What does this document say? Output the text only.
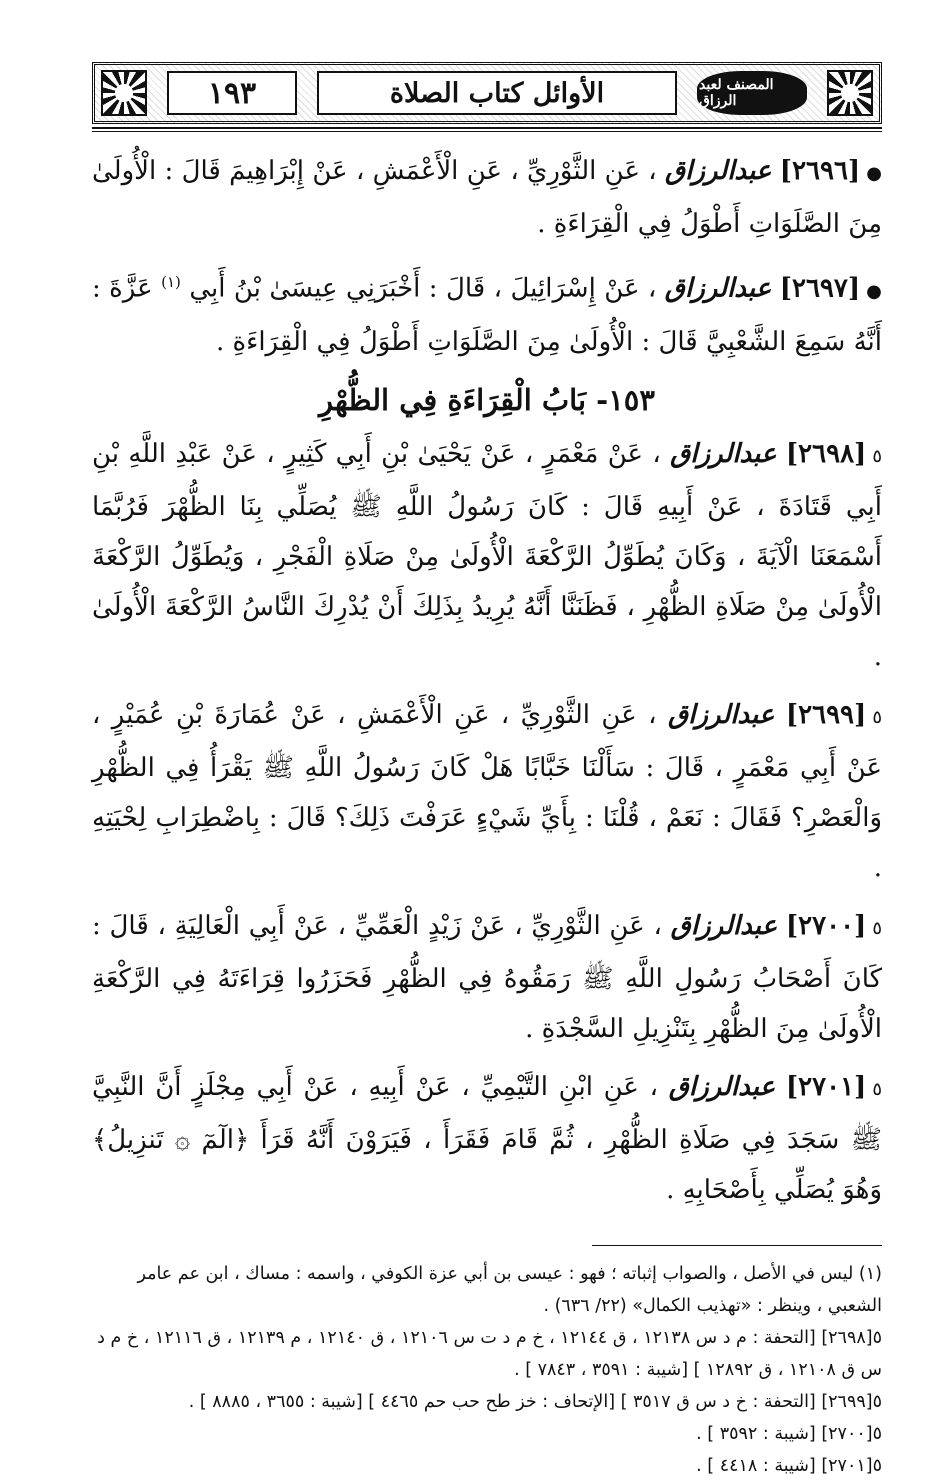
١٩٣	الأوائل كتاب الصلاة	المصنف لعبد الرزاق

●[٢٦٩٦] عبدالرزاق ، عَنِ الثَّوْرِيِّ ، عَنِ الْأَعْمَشِ ، عَنْ إِبْرَاهِيمَ قَالَ : الْأُولَىٰ مِنَ الصَّلَوَاتِ أَطْوَلُ فِي الْقِرَاءَةِ .

●[٢٦٩٧] عبدالرزاق ، عَنْ إِسْرَائِيلَ ، قَالَ : أَخْبَرَنِي عِيسَىٰ بْنُ أَبِي $^{(١)}$ عَزَّةَ : أَنَّهُ سَمِعَ الشَّعْبِيَّ قَالَ : الْأُولَىٰ مِنَ الصَّلَوَاتِ أَطْوَلُ فِي الْقِرَاءَةِ .

١٥٣- بَابُ الْقِرَاءَةِ فِي الظُّهْرِ

٥[٢٦٩٨] عبدالرزاق ، عَنْ مَعْمَرٍ ، عَنْ يَحْيَىٰ بْنِ أَبِي كَثِيرٍ ، عَنْ عَبْدِ اللَّهِ بْنِ أَبِي قَتَادَةَ ، عَنْ أَبِيهِ قَالَ : كَانَ رَسُولُ اللَّهِ ﷺ يُصَلِّي بِنَا الظُّهْرَ فَرُبَّمَا أَسْمَعَنَا الْآيَةَ ، وَكَانَ يُطَوِّلُ الرَّكْعَةَ الْأُولَىٰ مِنْ صَلَاةِ الْفَجْرِ ، وَيُطَوِّلُ الرَّكْعَةَ الْأُولَىٰ مِنْ صَلَاةِ الظُّهْرِ ، فَظَنَنَّا أَنَّهُ يُرِيدُ بِذَلِكَ أَنْ يُدْرِكَ النَّاسُ الرَّكْعَةَ الْأُولَىٰ .

٥[٢٦٩٩] عبدالرزاق ، عَنِ الثَّوْرِيِّ ، عَنِ الْأَعْمَشِ ، عَنْ عُمَارَةَ بْنِ عُمَيْرٍ ، عَنْ أَبِي مَعْمَرٍ ، قَالَ : سَأَلْنَا خَبَّابًا هَلْ كَانَ رَسُولُ اللَّهِ ﷺ يَقْرَأُ فِي الظُّهْرِ وَالْعَصْرِ؟ فَقَالَ : نَعَمْ ، قُلْنَا : بِأَيِّ شَيْءٍ عَرَفْتَ ذَلِكَ؟ قَالَ : بِاضْطِرَابِ لِحْيَتِهِ .

٥[٢٧٠٠] عبدالرزاق ، عَنِ الثَّوْرِيِّ ، عَنْ زَيْدٍ الْعَمِّيِّ ، عَنْ أَبِي الْعَالِيَةِ ، قَالَ : كَانَ أَصْحَابُ رَسُولِ اللَّهِ ﷺ رَمَقُوهُ فِي الظُّهْرِ فَحَزَرُوا قِرَاءَتَهُ فِي الرَّكْعَةِ الْأُولَىٰ مِنَ الظُّهْرِ بِتَنْزِيلِ السَّجْدَةِ .

٥[٢٧٠١] عبدالرزاق ، عَنِ ابْنِ التَّيْمِيِّ ، عَنْ أَبِيهِ ، عَنْ أَبِي مِجْلَزٍ أَنَّ النَّبِيَّ ﷺ سَجَدَ فِي صَلَاةِ الظُّهْرِ ، ثُمَّ قَامَ فَقَرَأَ ، فَيَرَوْنَ أَنَّهُ قَرَأَ ﴿الٓمٓ ۞ تَنزِيلُ﴾ وَهُوَ يُصَلِّي بِأَصْحَابِهِ .

(١) ليس في الأصل ، والصواب إثباته ؛ فهو : عيسى بن أبي عزة الكوفي ، واسمه : مساك ، ابن عم عامر الشعبي ، وينظر : «تهذيب الكمال» (٢٢/ ٦٣٦) .

٥[٢٦٩٨] [التحفة : م د س ١٢١٣٨ ، ق ١٢١٤٤ ، خ م د ت س ١٢١٠٦ ، ق ١٢١٤٠ ، م ١٢١٣٩ ، ق ١٢١١٦ ، خ م د س ق ١٢١٠٨ ، ق ١٢٨٩٢ ] [شيبة : ٣٥٩١ ، ٧٨٤٣ ] .

٥[٢٦٩٩] [التحفة : خ د س ق ٣٥١٧ ] [الإتحاف : خز طح حب حم ٤٤٦٥ ] [شيبة : ٣٦٥٥ ، ٨٨٨٥ ] .

٥[٢٧٠٠] [شيبة : ٣٥٩٢ ] .

٥[٢٧٠١] [شيبة : ٤٤١٨ ] .
